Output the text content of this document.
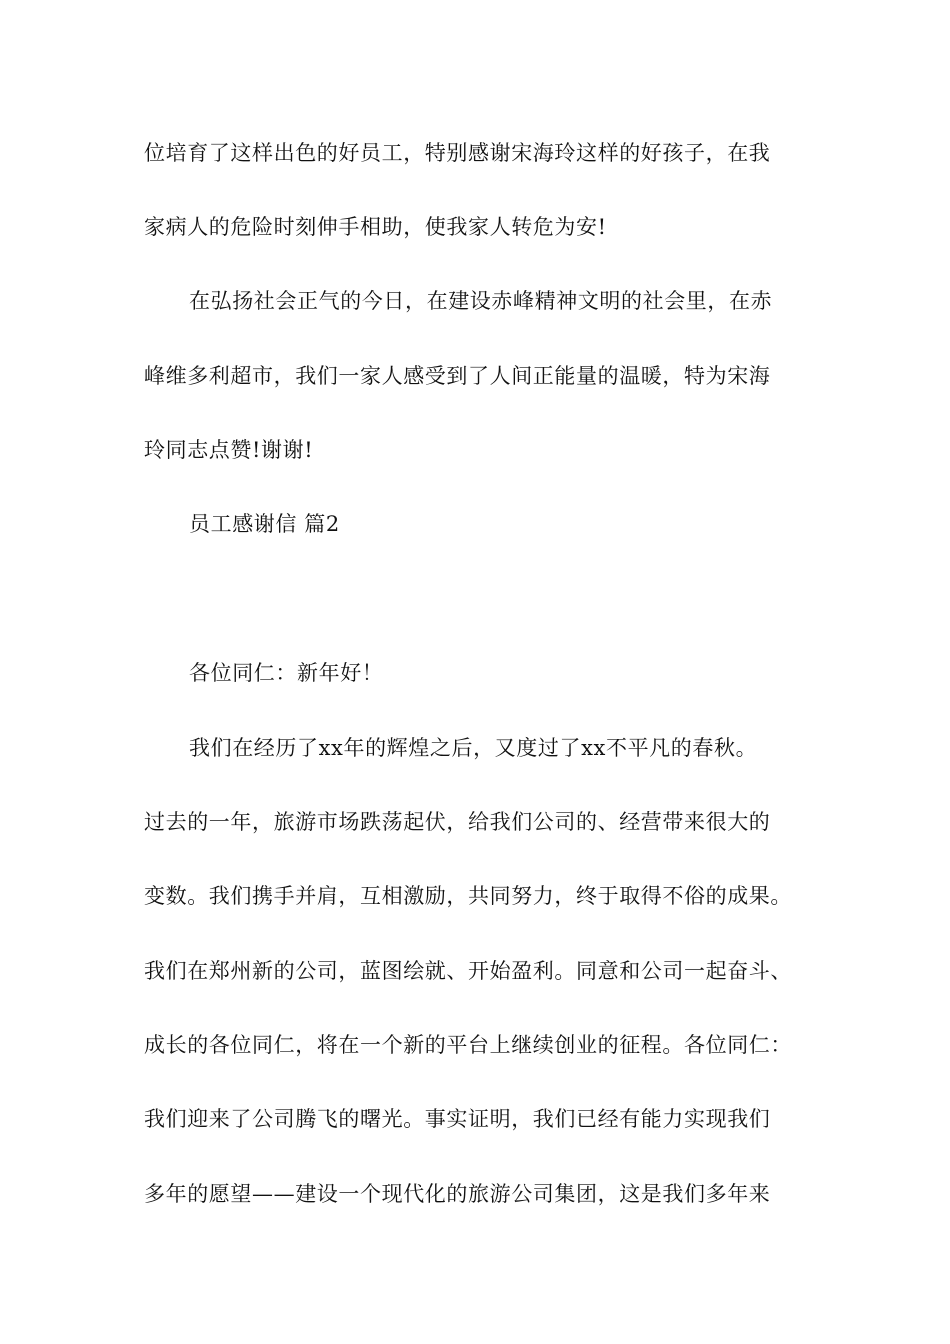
位培育了这样出色的好员工，特别感谢宋海玲这样的好孩子，在我

家病人的危险时刻伸手相助，使我家人转危为安!

在弘扬社会正气的今日，在建设赤峰精神文明的社会里，在赤

峰维多利超市，我们一家人感受到了人间正能量的温暖，特为宋海

玲同志点赞!谢谢!

员工感谢信 篇2

各位同仁：新年好！

我们在经历了xx年的辉煌之后，又度过了xx不平凡的春秋。

过去的一年，旅游市场跌荡起伏，给我们公司的、经营带来很大的

变数。我们携手并肩，互相激励，共同努力，终于取得不俗的成果。

我们在郑州新的公司，蓝图绘就、开始盈利。同意和公司一起奋斗、

成长的各位同仁，将在一个新的平台上继续创业的征程。各位同仁：

我们迎来了公司腾飞的曙光。事实证明，我们已经有能力实现我们

多年的愿望——建设一个现代化的旅游公司集团，这是我们多年来
